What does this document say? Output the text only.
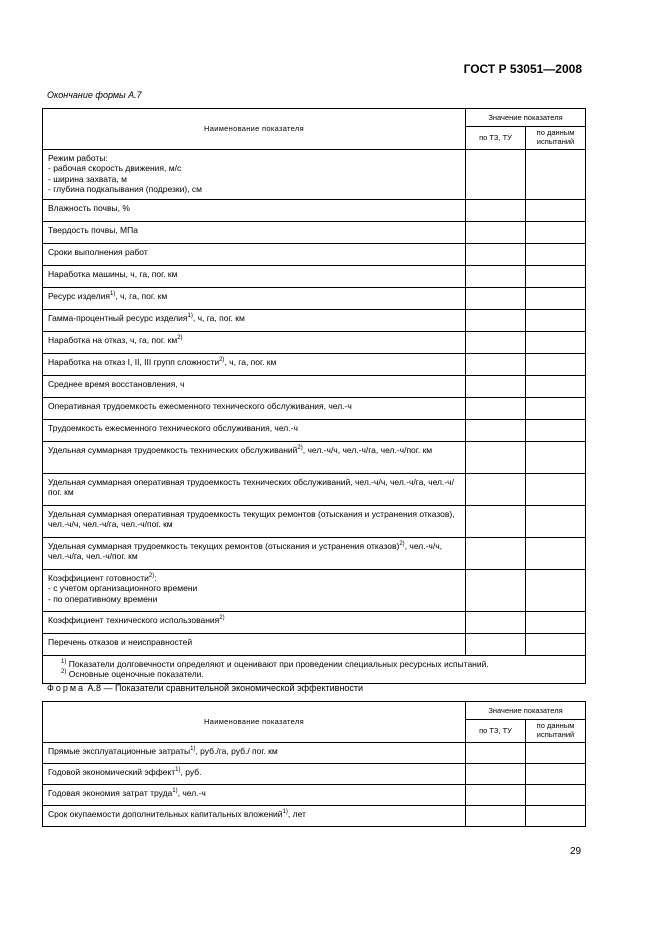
ГОСТ Р 53051—2008
Окончание формы А.7
Наименование показателя	Значение показателя	
	по ТЗ, ТУ	по данным
испытаний

Режим работы:
- рабочая скорость движения, м/с
- ширина захвата, м
- глубина подкапывания (подрезки), см		

Влажность почвы, %		

Твердость почвы, МПа		

Сроки выполнения работ		

Наработка машины, ч, га, пог. км		

Ресурс изделия$^{1)}$, ч, га, пог. км		

Гамма-процентный ресурс изделия$^{1)}$, ч, га, пог. км		

Наработка на отказ, ч, га, пог. $км^{2)}$

Наработка на отказ I, II, III групп сложности$^{2)}$, ч, га, пог. км		

Среднее время восстановления, ч		

Оперативная трудоемкость ежесменного технического обслуживания, чел.-ч		

Трудоемкость ежесменного технического обслуживания, чел.-ч		

Удельная суммарная трудоемкость технических обслуживаний$^{2)}$, чел.-ч/ч, чел.-ч/га, чел.-ч/пог. км		

Удельная суммарная оперативная трудоемкость технических обслуживаний, чел.-ч/ч, чел.-ч/га, чел.-ч/пог. км		

Удельная суммарная оперативная трудоемкость текущих ремонтов (отыскания и устранения отказов), чел.-ч/ч, чел.-ч/га, чел.-ч/пог. км		

Удельная суммарная трудоемкость текущих ремонтов (отыскания и устранения отказов)$^{2)}$, чел.-ч/ч, чел.-ч/га, чел.-ч/пог. км		

Коэффициент готовности$^{2)}$:
- с учетом организационного времени
- по оперативному времени		

Коэффициент технического использования$^{2)}$

Перечень отказов и неисправностей		

$^{1)}$ Показатели долговечности определяют и оценивают при проведении специальных ресурсных испытаний.
$^{2)}$ Основные оценочные показатели.		
Форма А.8 — Показатели сравнительной экономической эффективности
Наименование показателя	Значение показателя	
	по ТЗ, ТУ	по данным
испытаний

Прямые эксплуатационные затраты$^{1)}$, руб./га, руб./ пог. км		

Годовой экономический эффект$^{1)}$, руб.		

Годовая экономия затрат труда$^{1)}$, чел.-ч		

Срок окупаемости дополнительных капитальных вложений$^{1)}$, лет		

29
